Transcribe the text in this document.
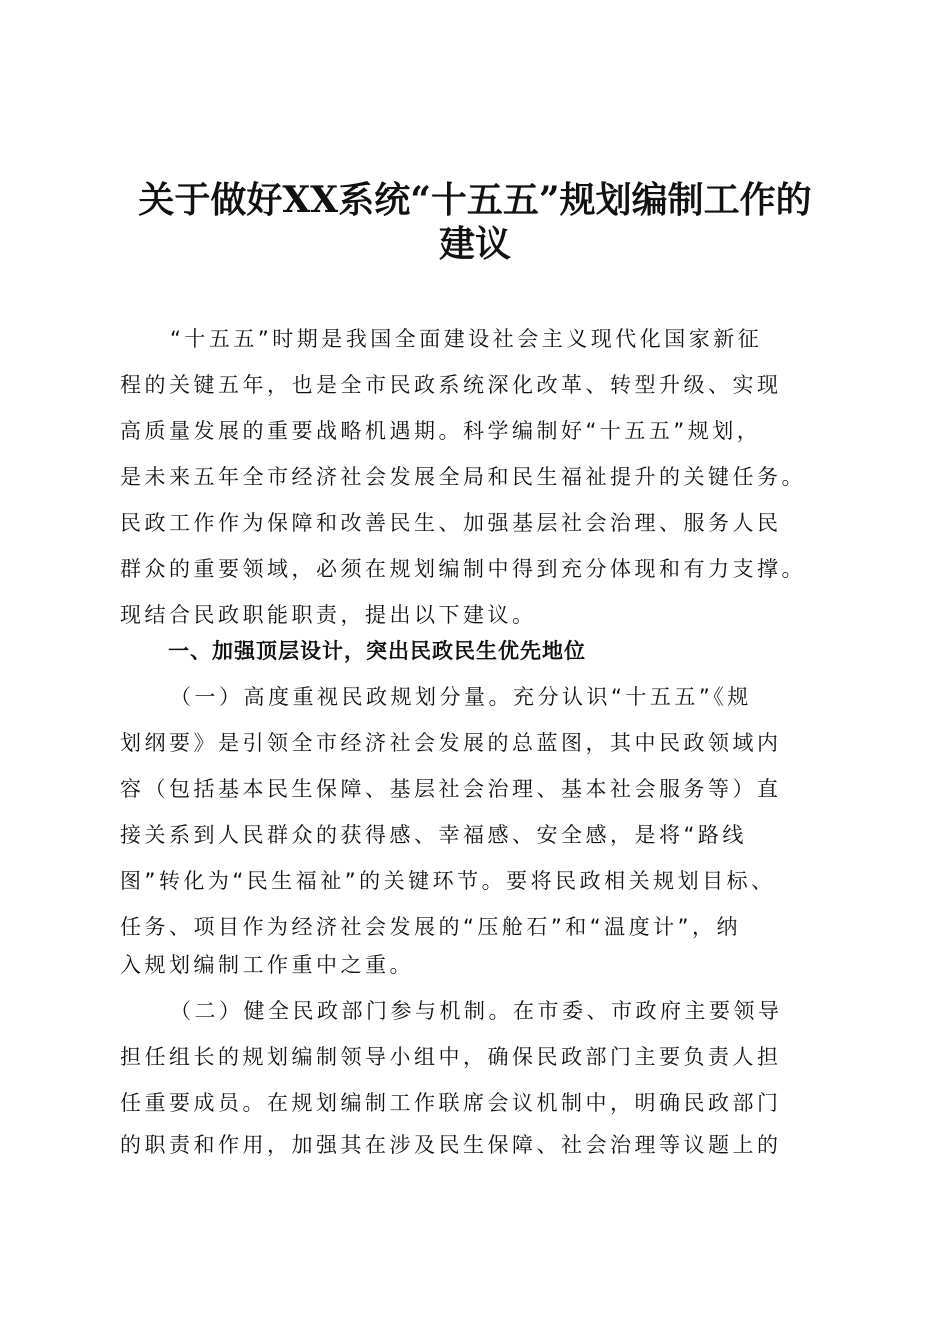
关于做好XX系统“十五五”规划编制工作的
建议

“十五五”时期是我国全面建设社会主义现代化国家新征

程的关键五年，也是全市民政系统深化改革、转型升级、实现

高质量发展的重要战略机遇期。科学编制好“十五五”规划，

是未来五年全市经济社会发展全局和民生福祉提升的关键任务。

民政工作作为保障和改善民生、加强基层社会治理、服务人民

群众的重要领域，必须在规划编制中得到充分体现和有力支撑。

现结合民政职能职责，提出以下建议。

一、加强顶层设计，突出民政民生优先地位

（一）高度重视民政规划分量。充分认识“十五五”《规

划纲要》是引领全市经济社会发展的总蓝图，其中民政领域内

容（包括基本民生保障、基层社会治理、基本社会服务等）直

接关系到人民群众的获得感、幸福感、安全感，是将“路线

图”转化为“民生福祉”的关键环节。要将民政相关规划目标、

任务、项目作为经济社会发展的“压舱石”和“温度计”，纳

入规划编制工作重中之重。

（二）健全民政部门参与机制。在市委、市政府主要领导

担任组长的规划编制领导小组中，确保民政部门主要负责人担

任重要成员。在规划编制工作联席会议机制中，明确民政部门

的职责和作用，加强其在涉及民生保障、社会治理等议题上的
